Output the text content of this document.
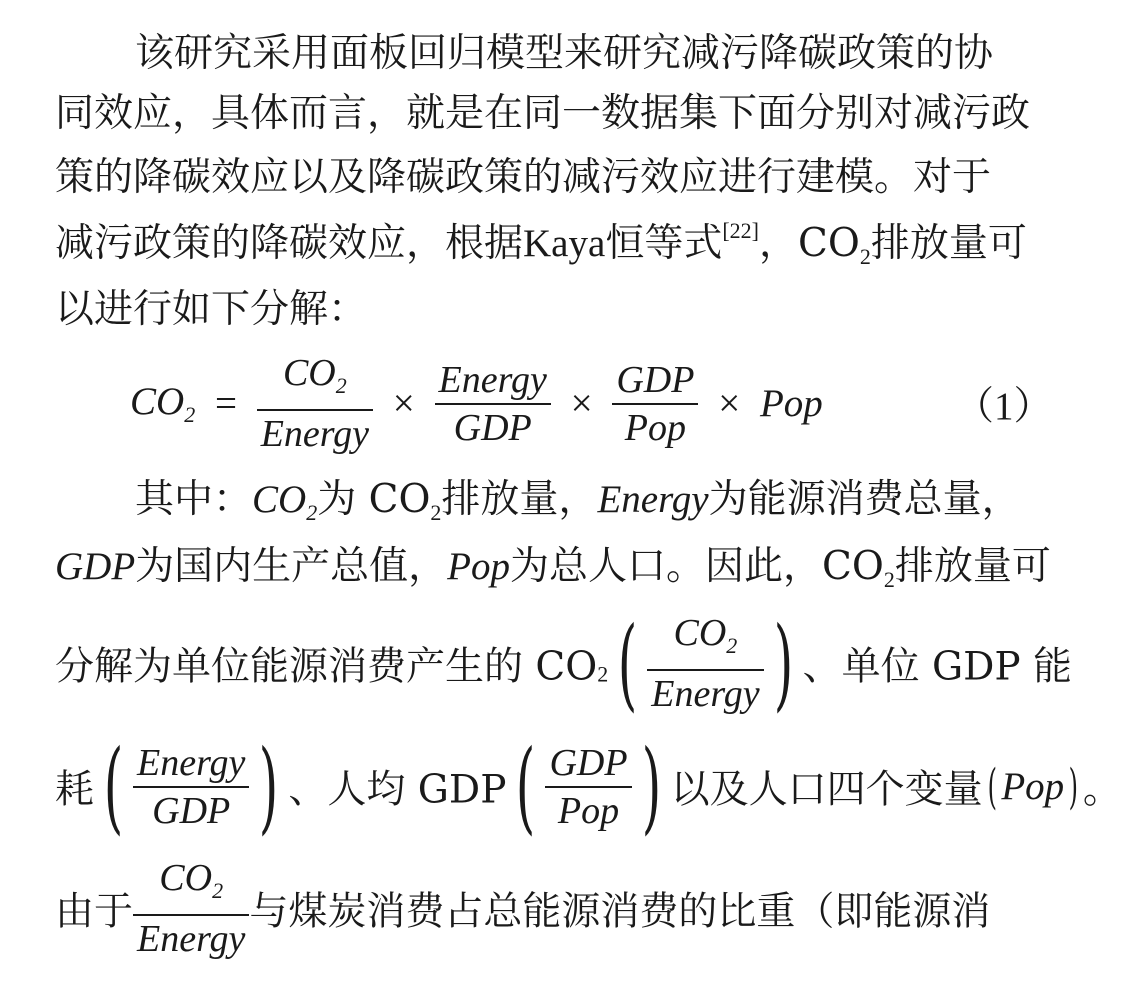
该研究采用面板回归模型来研究减污降碳政策的协
同效应，具体而言，就是在同一数据集下面分别对减污政
策的降碳效应以及降碳政策的减污效应进行建模。对于
减污政策的降碳效应，根据Kaya恒等式[22]，$CO_2$排放量可
以进行如下分解：
$CO_2 = \frac{CO_2}{\text{Energy}} \times \frac{\text{Energy}}{\text{GDP}} \times \frac{\text{GDP}}{\text{Pop}}$ × Pop	（1）
其中：$CO_2$为 $CO_2$排放量，Energy为能源消费总量，
GDP为国内生产总值，Pop为总人口。因此，$CO_2$排放量可
分解为单位能源消费产生的 $CO_2( \frac{CO_2}{\text{Energy}}$ ) 、单位 GDP 能
耗( $\frac{\text{Energy}}{\text{GDP}}$ ) 、人均 $GDP( \frac{\text{GDP}}{\text{Pop}}$ ) 以及人口四个变量( Pop) 。
由于 $\frac{CO_2}{\text{Energy}}$ 与煤炭消费占总能源消费的比重（即能源消
